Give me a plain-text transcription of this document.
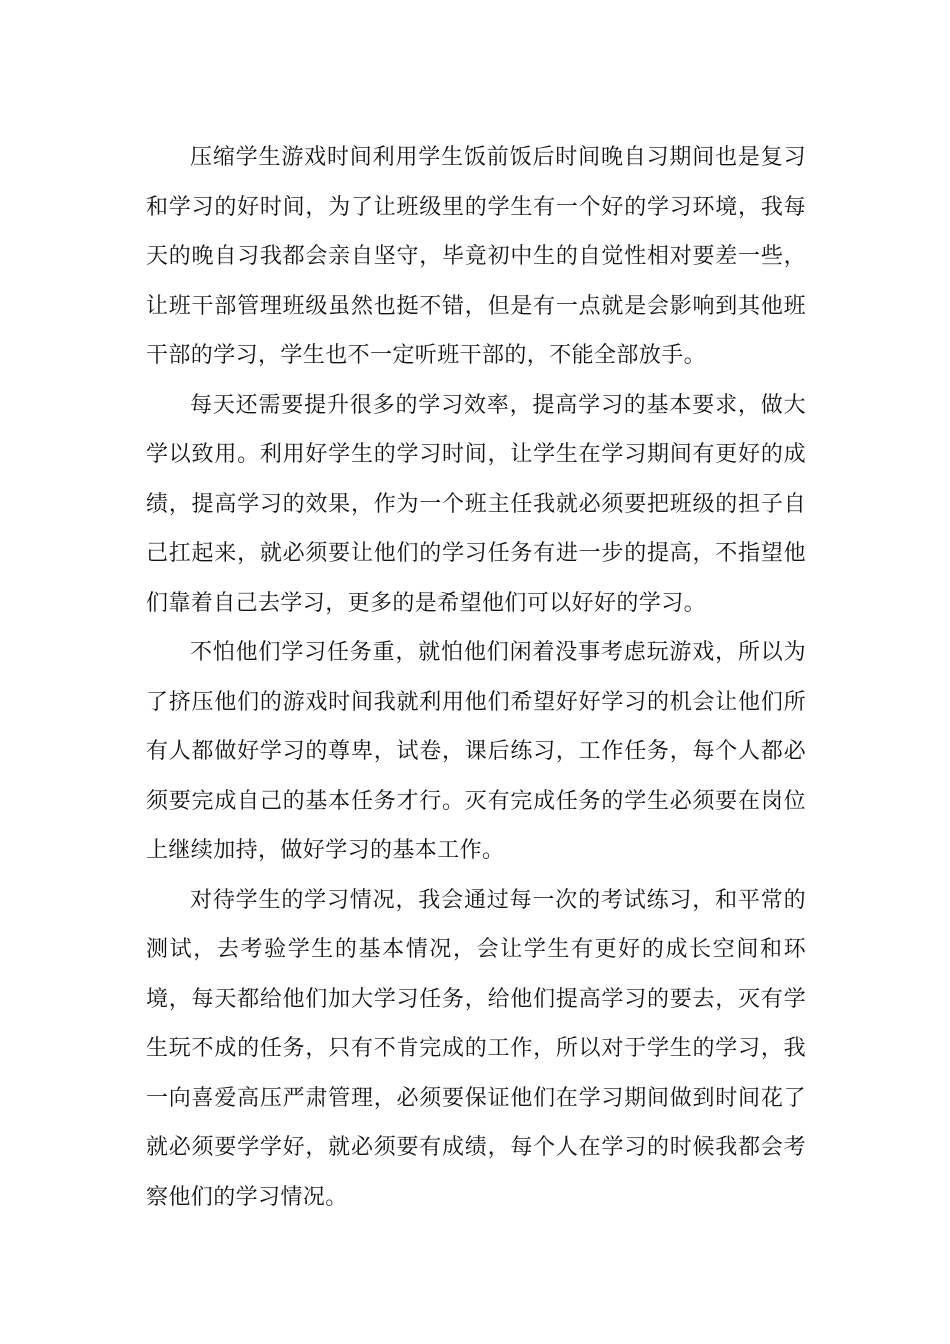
压缩学生游戏时间利用学生饭前饭后时间晚自习期间也是复习和学习的好时间，为了让班级里的学生有一个好的学习环境，我每天的晚自习我都会亲自坚守，毕竟初中生的自觉性相对要差一些，让班干部管理班级虽然也挺不错，但是有一点就是会影响到其他班干部的学习，学生也不一定听班干部的，不能全部放手。

每天还需要提升很多的学习效率，提高学习的基本要求，做大学以致用。利用好学生的学习时间，让学生在学习期间有更好的成绩，提高学习的效果，作为一个班主任我就必须要把班级的担子自己扛起来，就必须要让他们的学习任务有进一步的提高，不指望他们靠着自己去学习，更多的是希望他们可以好好的学习。

不怕他们学习任务重，就怕他们闲着没事考虑玩游戏，所以为了挤压他们的游戏时间我就利用他们希望好好学习的机会让他们所有人都做好学习的尊卑，试卷，课后练习，工作任务，每个人都必须要完成自己的基本任务才行。灭有完成任务的学生必须要在岗位上继续加持，做好学习的基本工作。

对待学生的学习情况，我会通过每一次的考试练习，和平常的测试，去考验学生的基本情况，会让学生有更好的成长空间和环境，每天都给他们加大学习任务，给他们提高学习的要去，灭有学生玩不成的任务，只有不肯完成的工作，所以对于学生的学习，我一向喜爱高压严肃管理，必须要保证他们在学习期间做到时间花了就必须要学学好，就必须要有成绩，每个人在学习的时候我都会考察他们的学习情况。
